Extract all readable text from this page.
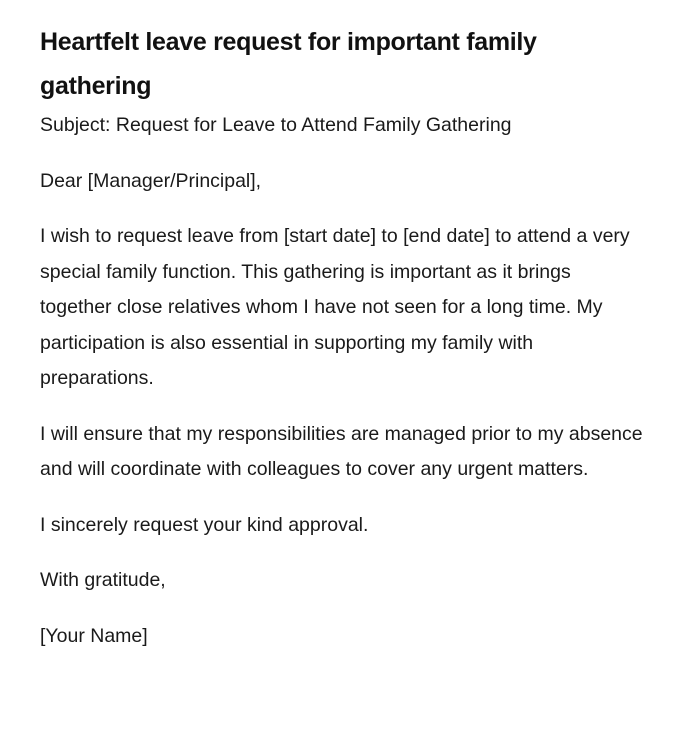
Heartfelt leave request for important family gathering

Subject: Request for Leave to Attend Family Gathering

Dear [Manager/Principal],

I wish to request leave from [start date] to [end date] to attend a very special family function. This gathering is important as it brings together close relatives whom I have not seen for a long time. My participation is also essential in supporting my family with preparations.

I will ensure that my responsibilities are managed prior to my absence and will coordinate with colleagues to cover any urgent matters.

I sincerely request your kind approval.

With gratitude,

[Your Name]
